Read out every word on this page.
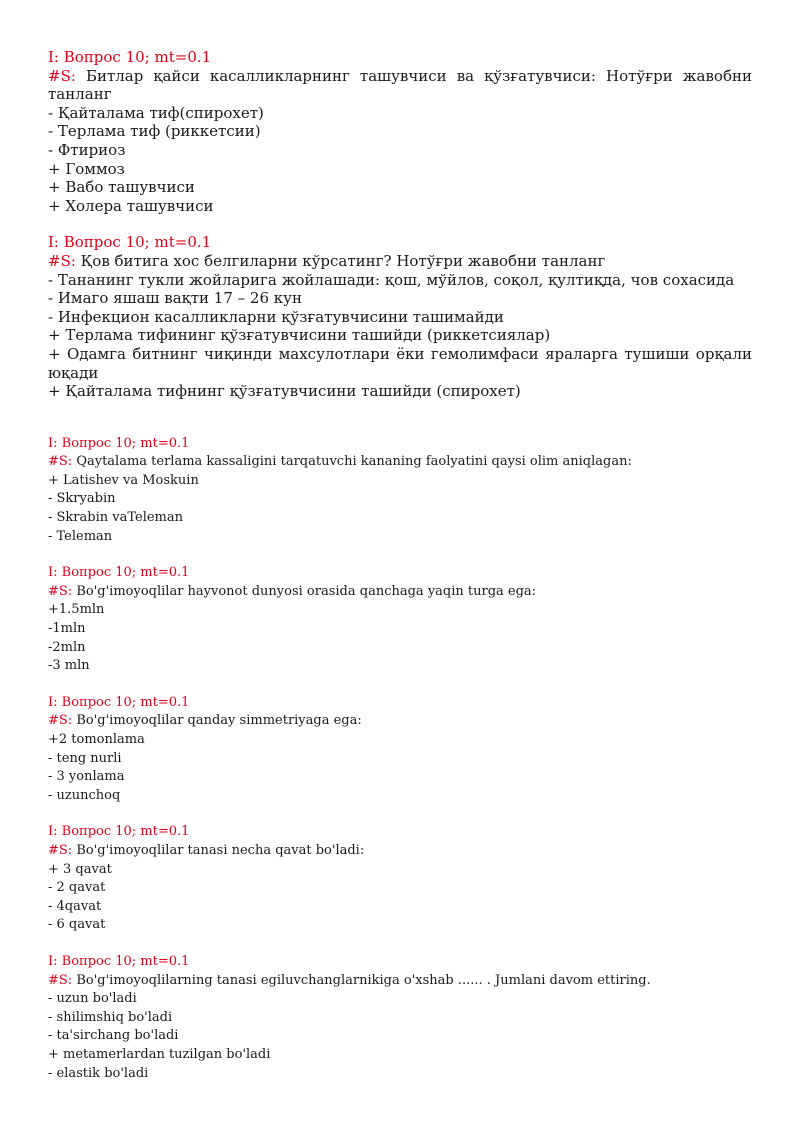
I: Вопрос 10; mt=0.1
#S: Битлар қайси касалликларнинг ташувчиси ва қўзғатувчиси: Нотўғри жавобни танланг
- Қайталама тиф(спирохет)
- Терлама тиф (риккетсии)
- Фтириоз
+ Гоммоз
+ Вабо ташувчиси
+ Холера ташувчиси
I: Вопрос 10; mt=0.1
#S: Қов битига хос белгиларни кўрсатинг? Нотўғри жавобни танланг
- Тананинг тукли жойларига жойлашади: қош, мўйлов, соқол, қултиқда, чов сохасида
- Имаго яшаш вақти 17 – 26 кун
- Инфекцион касалликларни қўзғатувчисини ташимайди
+ Терлама тифининг қўзғатувчисини ташийди (риккетсиялар)
+ Одамга битнинг чиқинди махсулотлари ёки гемолимфаси яраларга тушиши орқали юқади
+ Қайталама тифнинг қўзғатувчисини ташийди (спирохет)
I: Вопрос 10; mt=0.1
#S: Qaytalama terlama kassaligini tarqatuvchi kananing faolyatini qaysi olim aniqlagan:
+ Latishev va Moskuin
- Skryabin
- Skrabin vaTeleman
- Teleman
I: Вопрос 10; mt=0.1
#S: Bo'g'imoyoqlilar hayvonot dunyosi orasida qanchaga yaqin turga ega:
+1.5mln
-1mln
-2mln
-3 mln
I: Вопрос 10; mt=0.1
#S: Bo'g'imoyoqlilar qanday simmetriyaga ega:
+2 tomonlama
- teng nurli
- 3 yonlama
- uzunchoq
I: Вопрос 10; mt=0.1
#S: Bo'g'imoyoqlilar tanasi necha qavat bo'ladi:
+ 3 qavat
- 2 qavat
- 4qavat
- 6 qavat
I: Вопрос 10; mt=0.1
#S: Bo'g'imoyoqlilarning tanasi egiluvchanglarnikiga o'xshab ...... . Jumlani davom ettiring.
- uzun bo'ladi
- shilimshiq bo'ladi
- ta'sirchang bo'ladi
+ metamerlardan tuzilgan bo'ladi
- elastik bo'ladi
